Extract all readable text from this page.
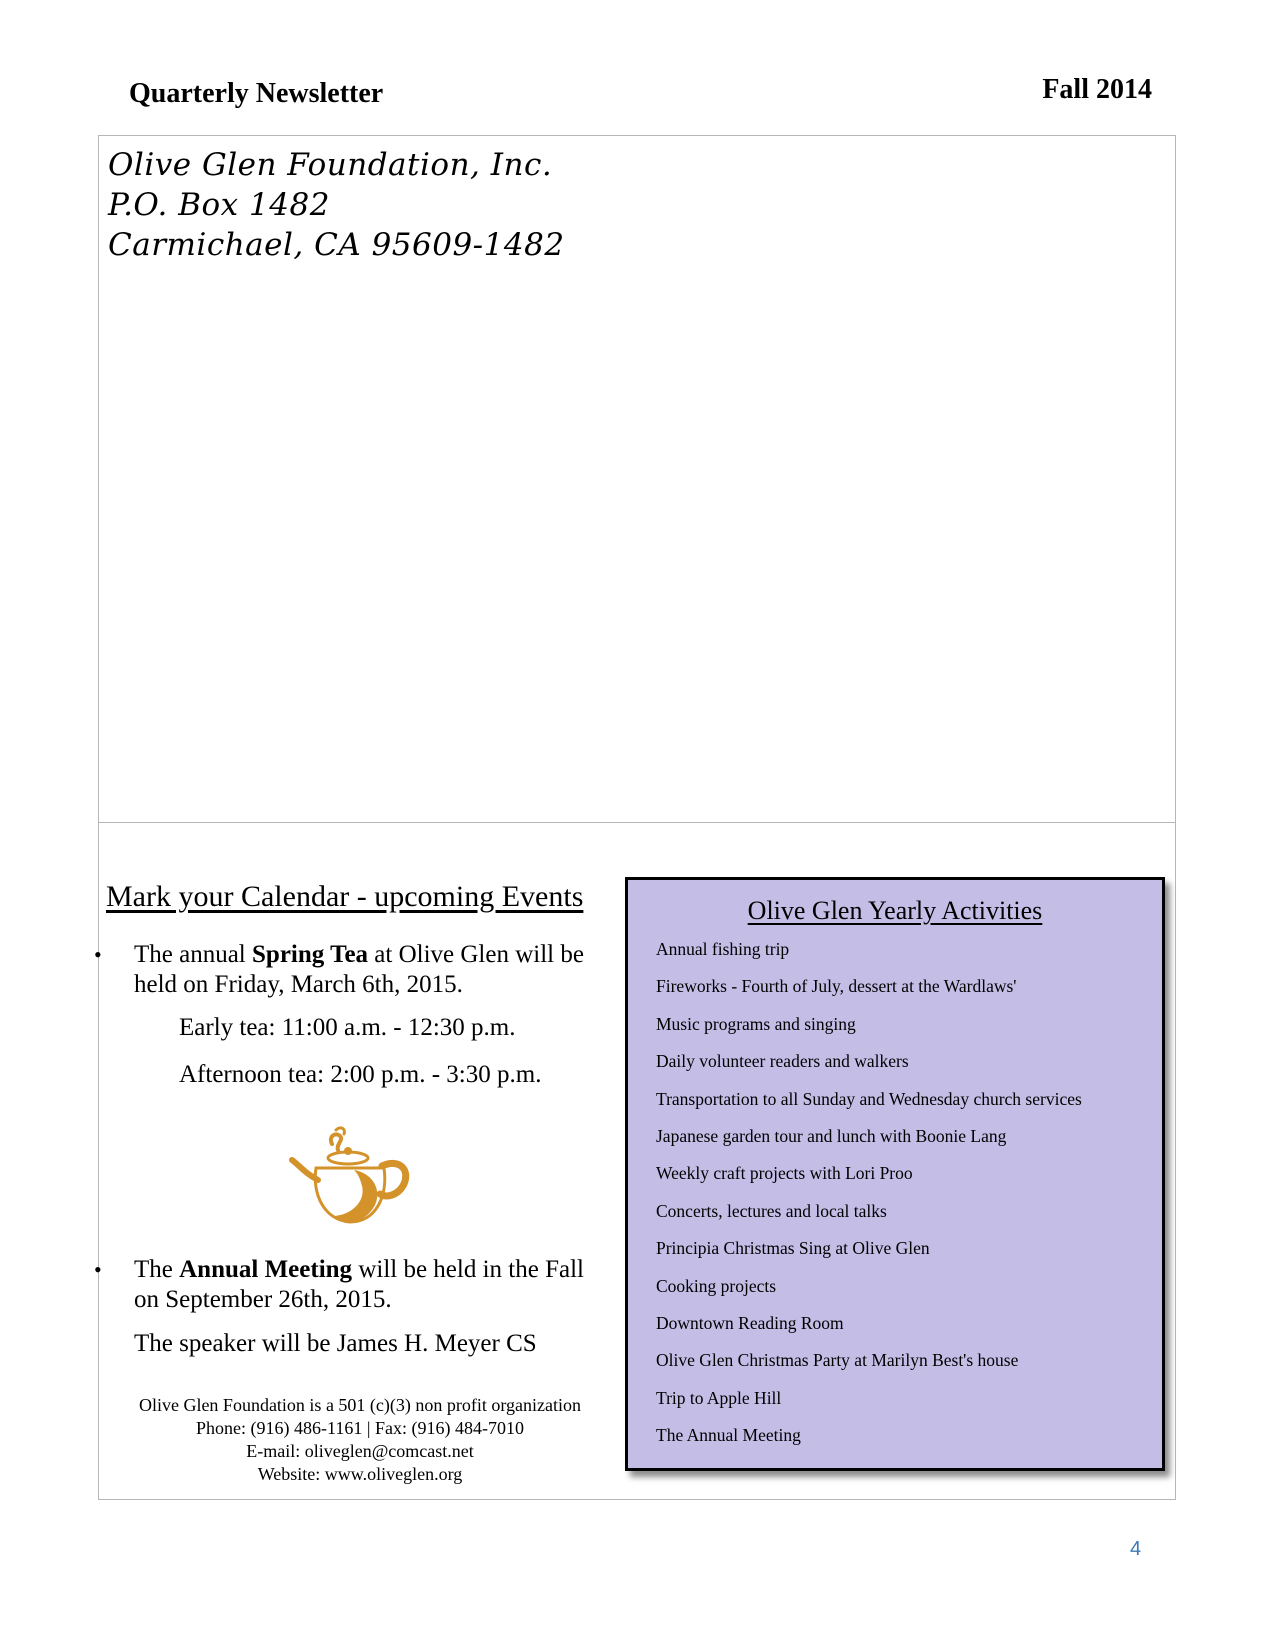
Quarterly Newsletter	Fall 2014
Olive Glen Foundation, Inc.
P.O. Box 1482
Carmichael, CA 95609-1482
Mark your Calendar - upcoming Events
• The annual Spring Tea at Olive Glen will be held on Friday, March 6th, 2015.
Early tea: 11:00 a.m. - 12:30 p.m.
Afternoon tea: 2:00 p.m. - 3:30 p.m.
• The Annual Meeting will be held in the Fall on September 26th, 2015.
The speaker will be James H. Meyer CS
Olive Glen Foundation is a 501 (c)(3) non profit organization
Phone: (916) 486-1161 | Fax: (916) 484-7010
E-mail: oliveglen@comcast.net
Website: www.oliveglen.org
Olive Glen Yearly Activities
Annual fishing trip
Fireworks - Fourth of July, dessert at the Wardlaws'
Music programs and singing
Daily volunteer readers and walkers
Transportation to all Sunday and Wednesday church services
Japanese garden tour and lunch with Boonie Lang
Weekly craft projects with Lori Proo
Concerts, lectures and local talks
Principia Christmas Sing at Olive Glen
Cooking projects
Downtown Reading Room
Olive Glen Christmas Party at Marilyn Best's house
Trip to Apple Hill
The Annual Meeting
4
